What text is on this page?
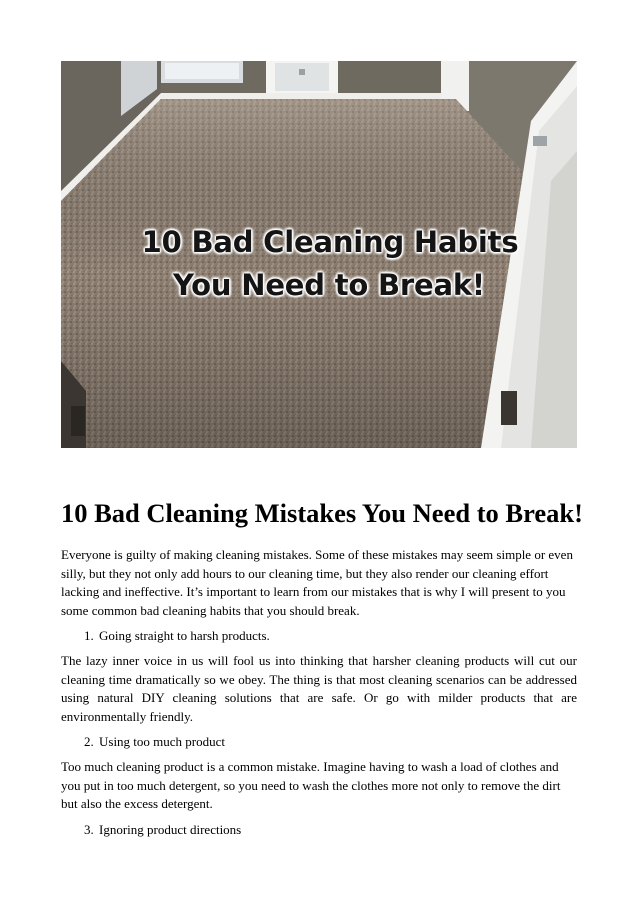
10 Bad Cleaning Habits
You Need to Break!
10 Bad Cleaning Mistakes You Need to Break!

Everyone is guilty of making cleaning mistakes. Some of these mistakes may seem simple or even silly, but they not only add hours to our cleaning time, but they also render our cleaning effort lacking and ineffective. It’s important to learn from our mistakes that is why I will present to you some common bad cleaning habits that you should break.

1. Going straight to harsh products.

The lazy inner voice in us will fool us into thinking that harsher cleaning products will cut our cleaning time dramatically so we obey. The thing is that most cleaning scenarios can be addressed using natural DIY cleaning solutions that are safe. Or go with milder products that are environmentally friendly.

2. Using too much product

Too much cleaning product is a common mistake. Imagine having to wash a load of clothes and you put in too much detergent, so you need to wash the clothes more not only to remove the dirt but also the excess detergent.

3. Ignoring product directions
